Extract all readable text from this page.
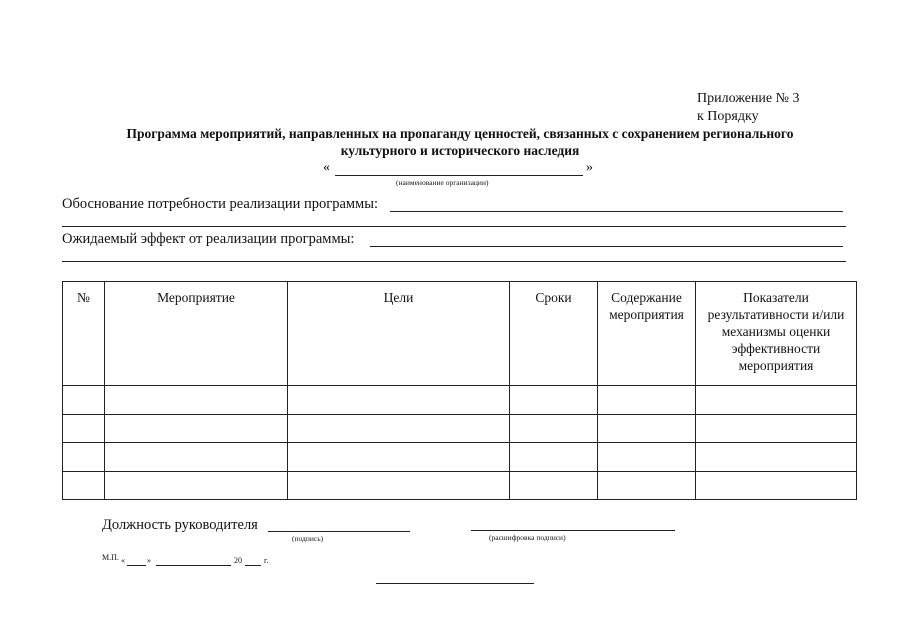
Приложение № 3
к Порядку
Программа мероприятий, направленных на пропаганду ценностей, связанных с сохранением регионального
культурного и исторического наследия
«	»
(наименование организации)
Обоснование потребности реализации программы:
Ожидаемый эффект от реализации программы:
№	Мероприятие	Цели	Сроки	Содержание мероприятия	Показатели результативности и/или механизмы оценки эффективности мероприятия

Должность руководителя
(подпись)	(расшифровка подписи)
М.П. «	»	20	г.
